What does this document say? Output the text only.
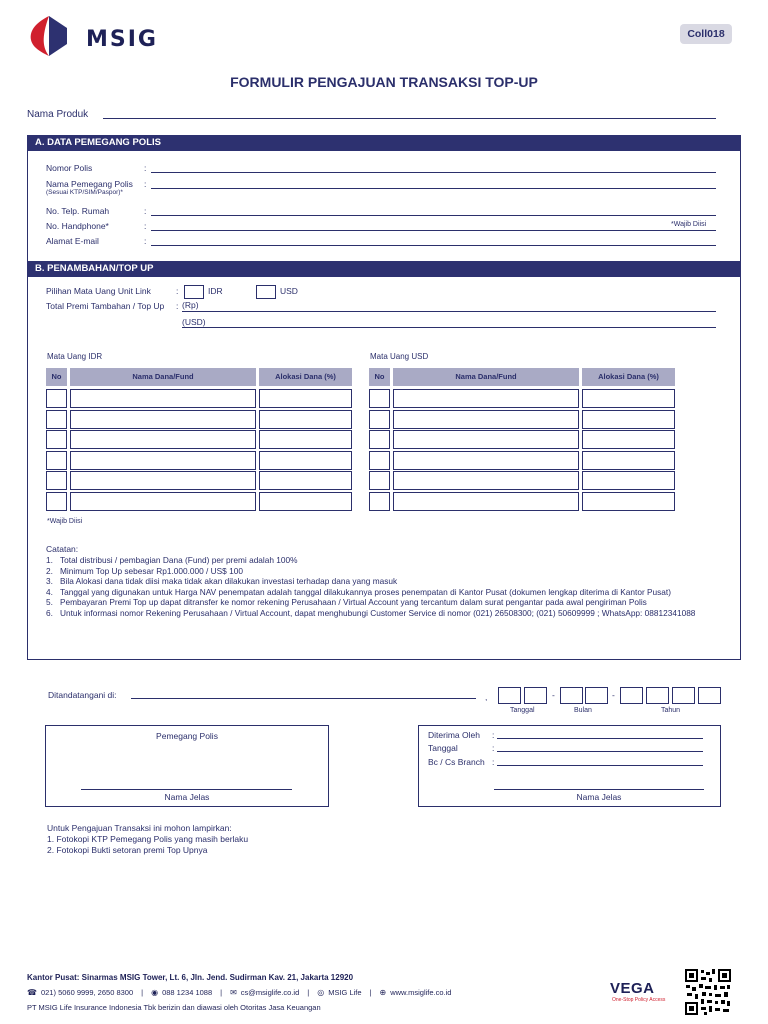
MSIG	Coll018
FORMULIR PENGAJUAN TRANSAKSI TOP-UP
Nama Produk
A. DATA PEMEGANG POLIS
Nomor Polis	:
Nama Pemegang Polis
(Sesuai KTP/SIM/Paspor)*
:
No. Telp. Rumah	:
No. Handphone*	:	*Wajib Diisi
Alamat E-mail	:
B. PENAMBAHAN/TOP UP
Pilihan Mata Uang Unit Link	:	IDR	USD
Total Premi Tambahan / Top Up : (Rp)
(USD)
Mata Uang IDR	Mata Uang USD
No	Nama Dana/Fund	Alokasi Dana (%)	No	Nama Dana/Fund	Alokasi Dana (%)
*Wajib Diisi
Catatan:
1. Total distribusi / pembagian Dana (Fund) per premi adalah 100%
2. Minimum Top Up sebesar Rp1.000.000 / US$ 100
3. Bila Alokasi dana tidak diisi maka tidak akan dilakukan investasi terhadap dana yang masuk
4. Tanggal yang digunakan untuk Harga NAV penempatan adalah tanggal dilakukannya proses penempatan di Kantor Pusat (dokumen lengkap diterima di Kantor Pusat)
5. Pembayaran Premi Top up dapat ditransfer ke nomor rekening Perusahaan / Virtual Account yang tercantum dalam surat pengantar pada awal pengiriman Polis
6. Untuk informasi nomor Rekening Perusahaan / Virtual Account, dapat menghubungi Customer Service di nomor (021) 26508300; (021) 50609999 ; WhatsApp: 08812341088
Ditandatangani di:	,	-	-
Tanggal	Bulan	Tahun
Pemegang Polis
Nama Jelas
Diterima Oleh :
Tanggal	:
Bc / Cs Branch :
Nama Jelas
Untuk Pengajuan Transaksi ini mohon lampirkan:
1. Fotokopi KTP Pemegang Polis yang masih berlaku
2. Fotokopi Bukti setoran premi Top Upnya
Kantor Pusat: Sinarmas MSIG Tower, Lt. 6, Jln. Jend. Sudirman Kav. 21, Jakarta 12920
☎ 021) 5060 9999, 2650 8300 | ◉ 088 1234 1088 | ✉ cs@msiglife.co.id | ◎ MSIG Life | ⊕ www.msiglife.co.id
PT MSIG Life Insurance Indonesia Tbk berizin dan diawasi oleh Otoritas Jasa Keuangan
VEGA
One-Stop Policy Access
